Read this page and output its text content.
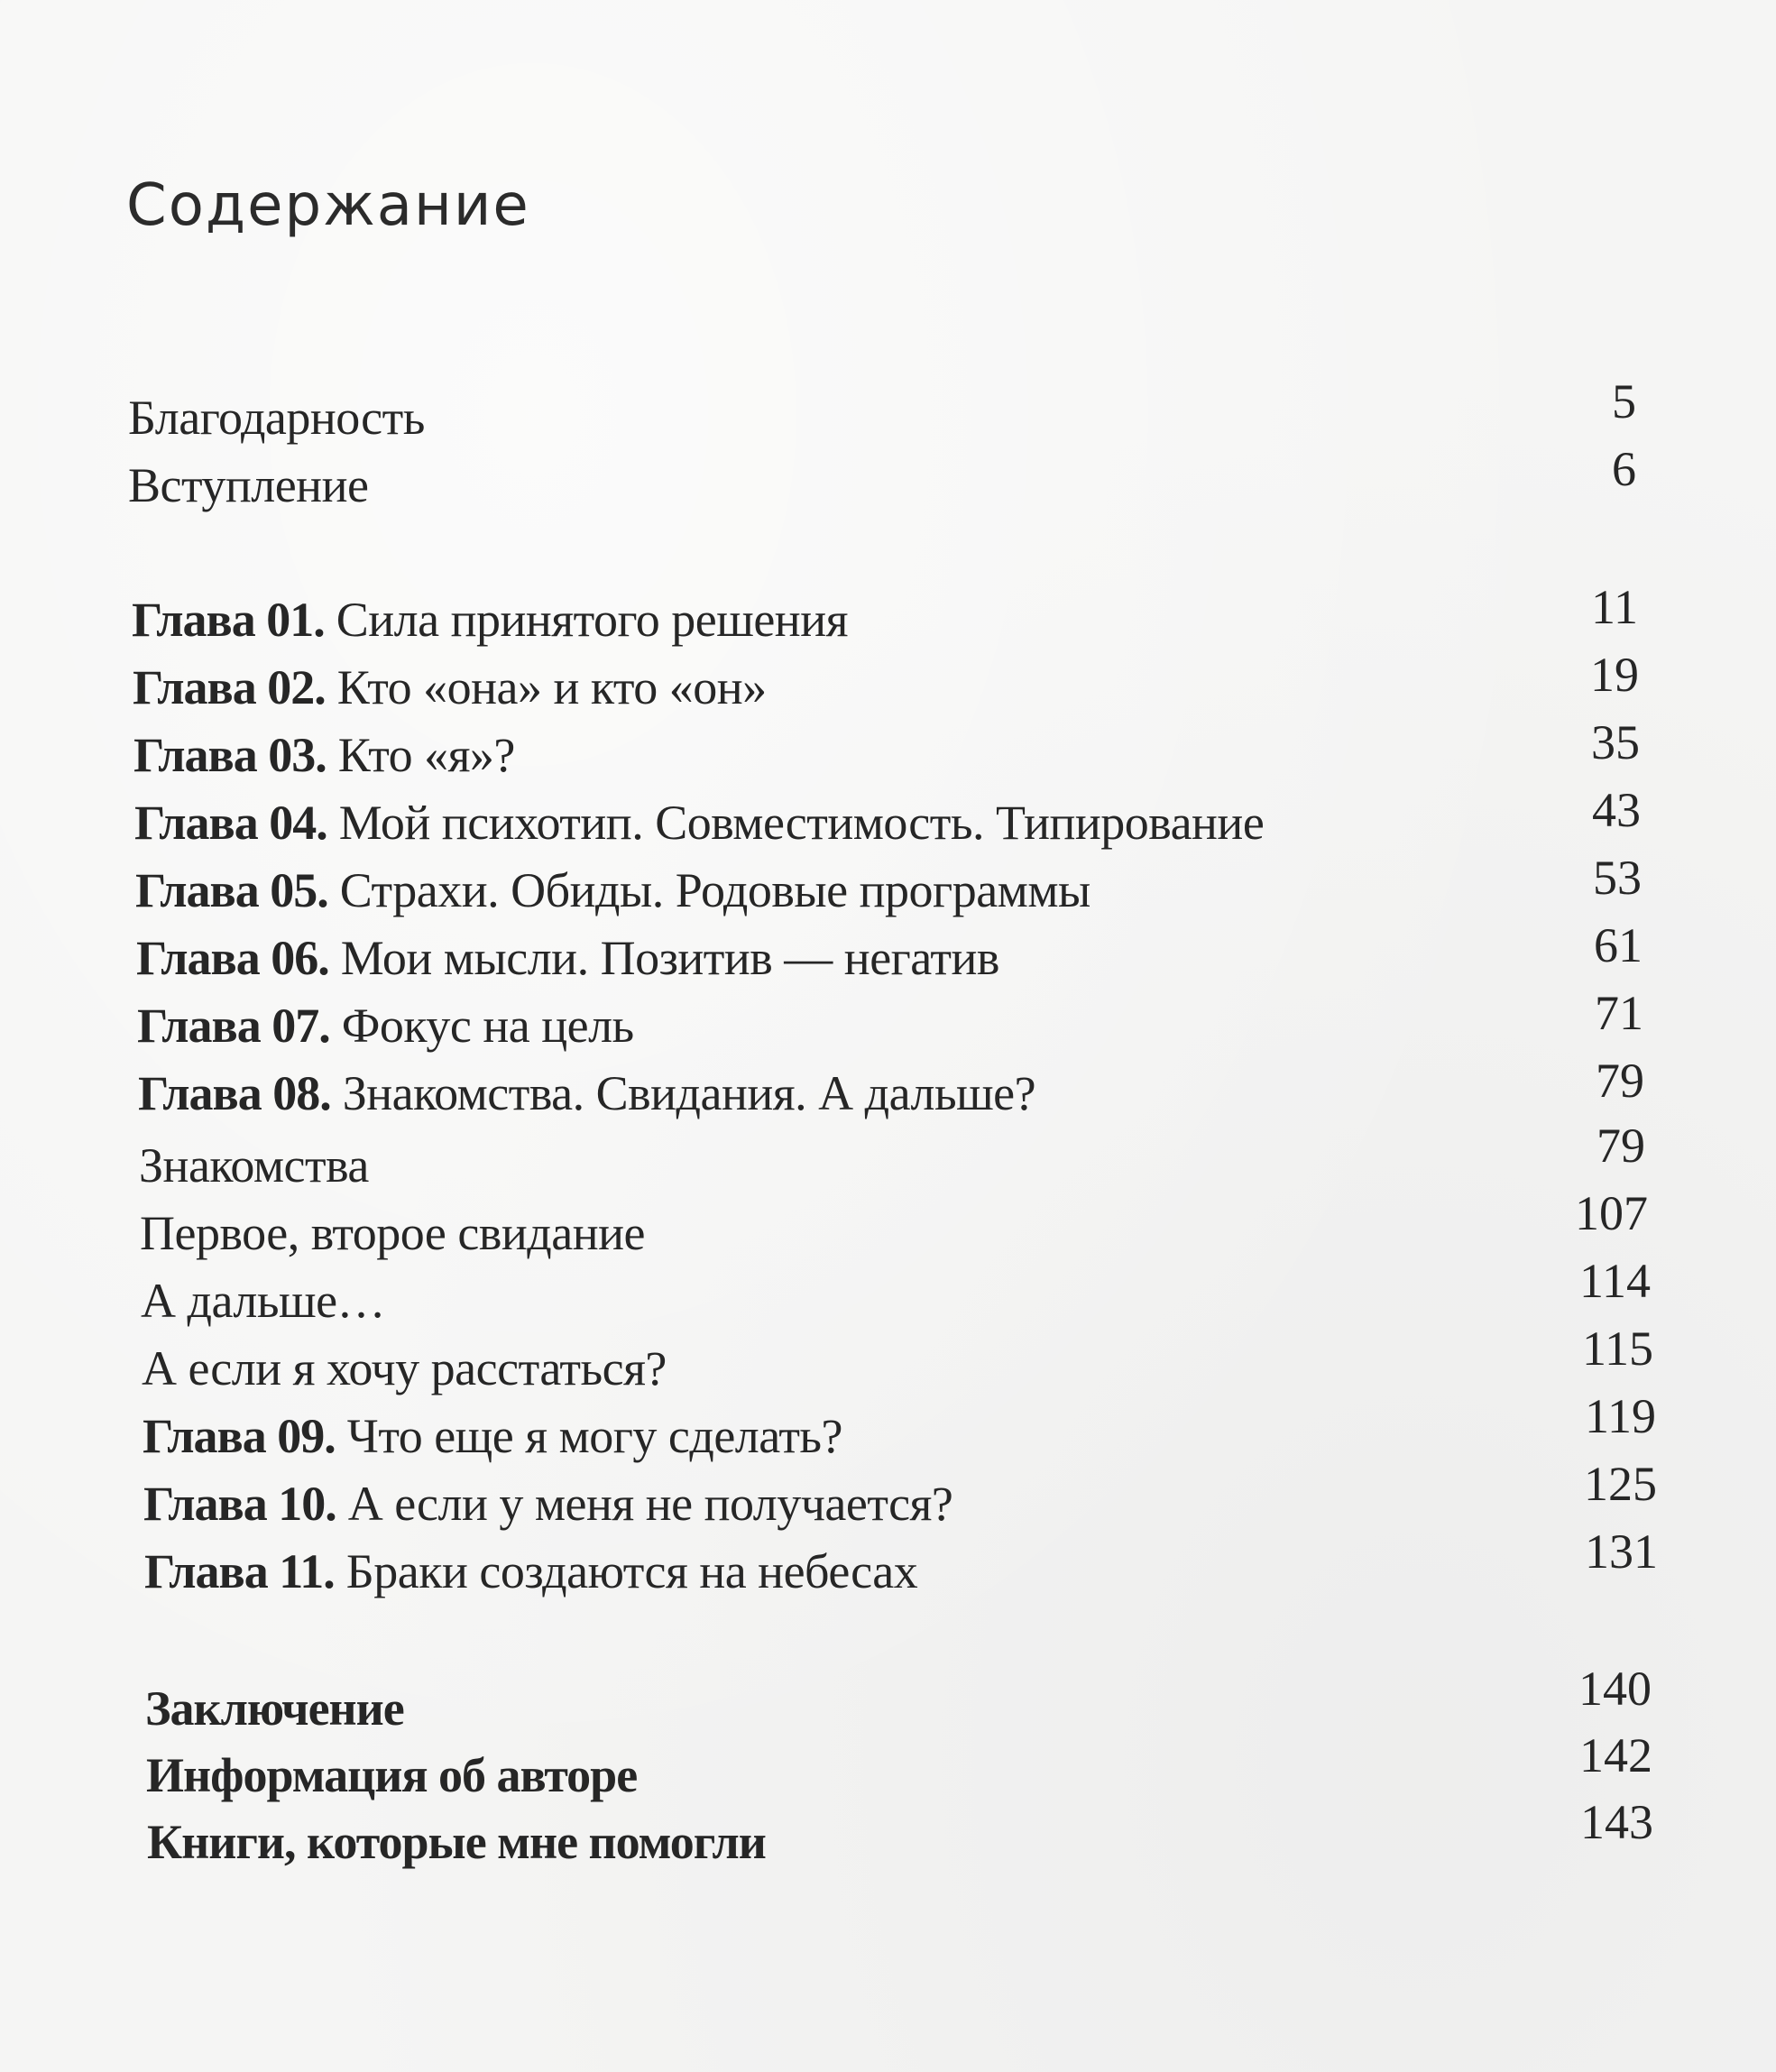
Содержание
Благодарность	5
Вступление	6
Глава 01. Сила принятого решения	11
Глава 02. Кто «она» и кто «он»	19
Глава 03. Кто «я»?	35
Глава 04. Мой психотип. Совместимость. Типирование	43
Глава 05. Страхи. Обиды. Родовые программы	53
Глава 06. Мои мысли. Позитив — негатив	61
Глава 07. Фокус на цель	71
Глава 08. Знакомства. Свидания. А дальше?	79
Знакомства	79
Первое, второе свидание	107
А дальше…	114
А если я хочу расстаться?	115
Глава 09. Что еще я могу сделать?	119
Глава 10. А если у меня не получается?	125
Глава 11. Браки создаются на небесах	131
Заключение	140
Информация об авторе	142
Книги, которые мне помогли	143
